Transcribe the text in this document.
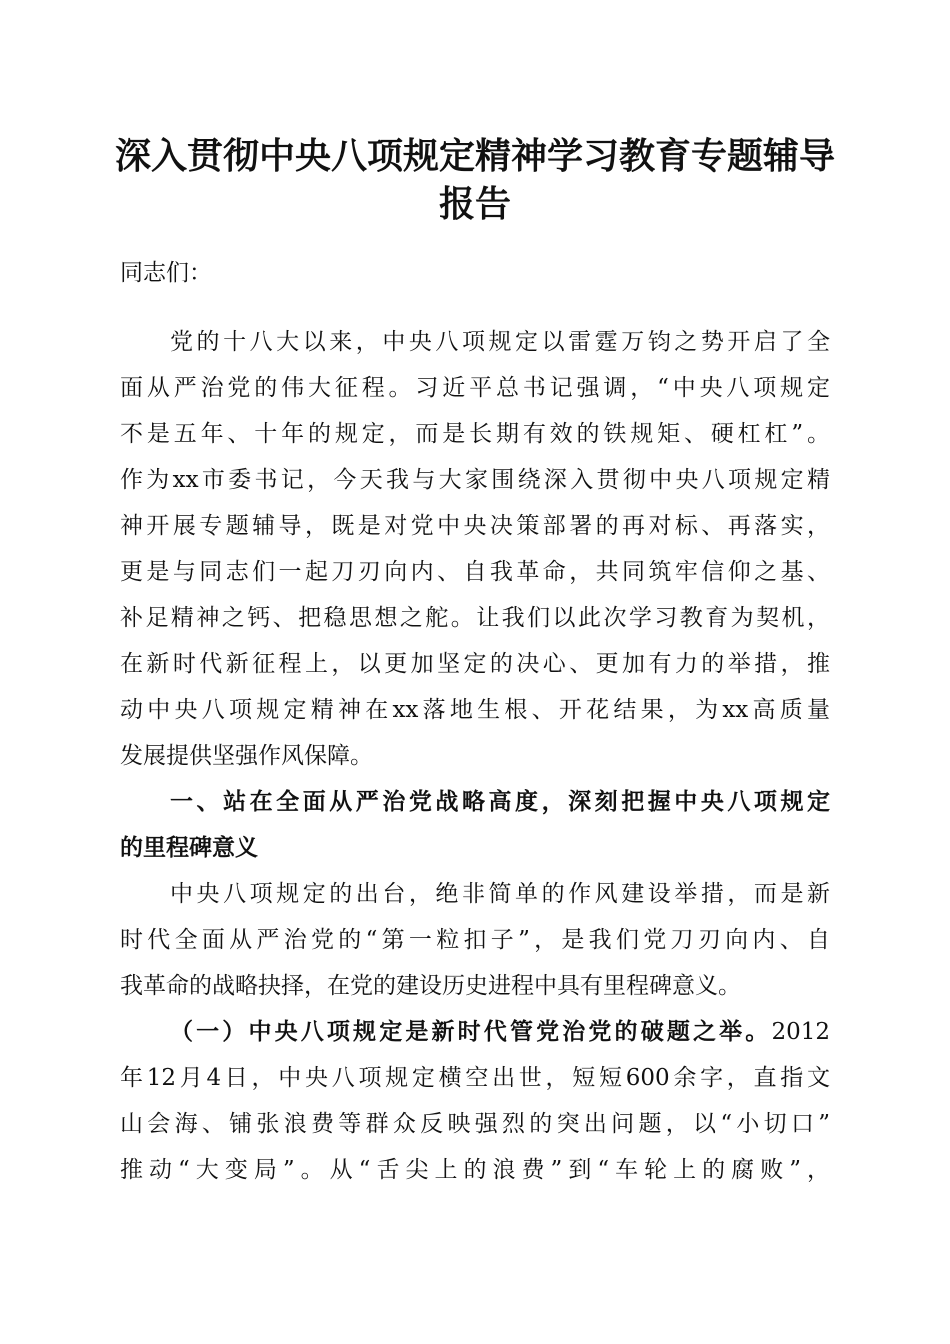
深入贯彻中央八项规定精神学习教育专题辅导
报告
同志们：
党的十八大以来，中央八项规定以雷霆万钧之势开启了全
面从严治党的伟大征程。习近平总书记强调，“中央八项规定
不是五年、十年的规定，而是长期有效的铁规矩、硬杠杠”。
作为xx市委书记，今天我与大家围绕深入贯彻中央八项规定精
神开展专题辅导，既是对党中央决策部署的再对标、再落实，
更是与同志们一起刀刃向内、自我革命，共同筑牢信仰之基、
补足精神之钙、把稳思想之舵。让我们以此次学习教育为契机，
在新时代新征程上，以更加坚定的决心、更加有力的举措，推
动中央八项规定精神在xx落地生根、开花结果，为xx高质量
发展提供坚强作风保障。
一、站在全面从严治党战略高度，深刻把握中央八项规定
的里程碑意义
中央八项规定的出台，绝非简单的作风建设举措，而是新
时代全面从严治党的“第一粒扣子”，是我们党刀刃向内、自
我革命的战略抉择，在党的建设历史进程中具有里程碑意义。
（一）中央八项规定是新时代管党治党的破题之举。2012
年12月4日，中央八项规定横空出世，短短600余字，直指文
山会海、铺张浪费等群众反映强烈的突出问题，以“小切口”
推动“大变局”。从“舌尖上的浪费”到“车轮上的腐败”，
